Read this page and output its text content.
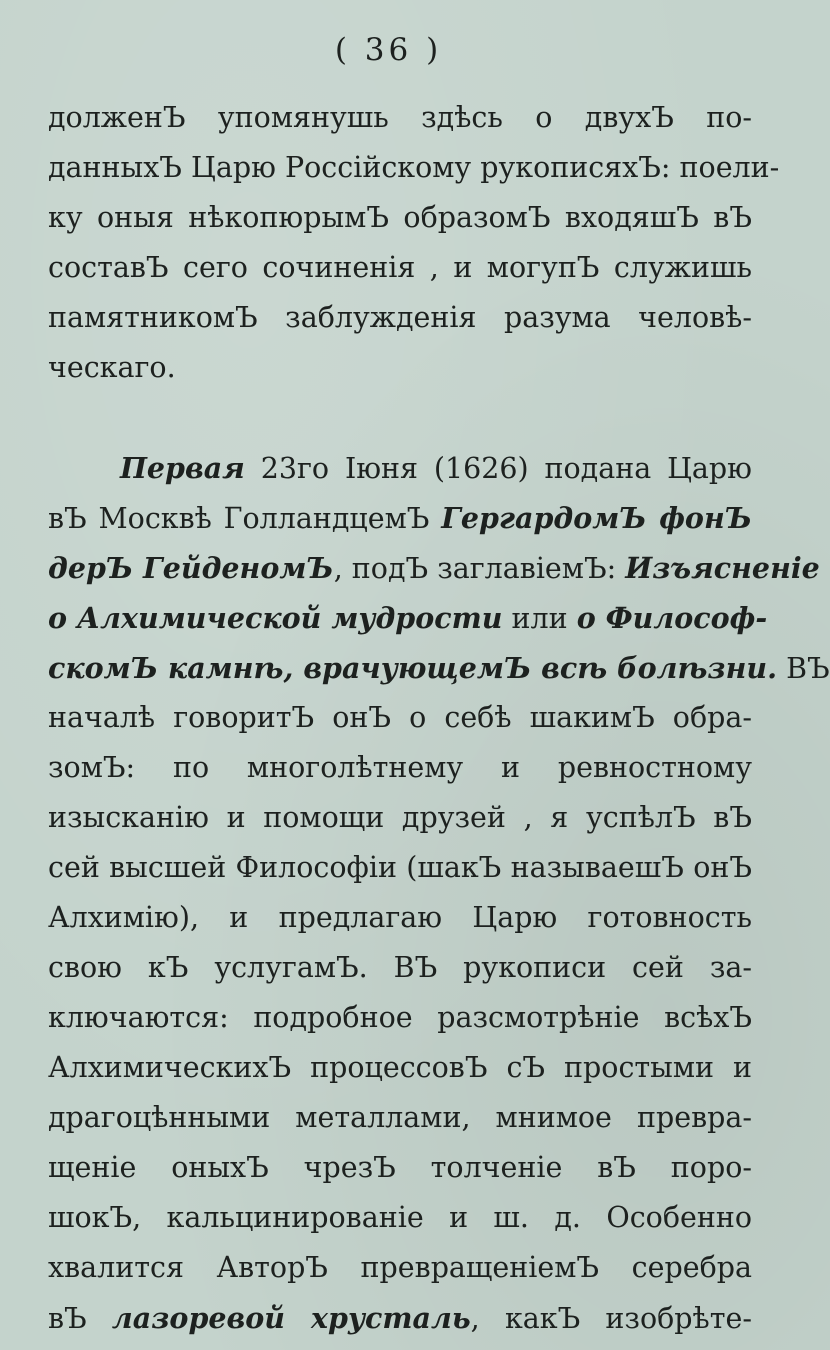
( 36 )
долженЪ упомянушь здѣсь о двухЪ по-
данныхЪ Царю Россійскому рукописяхЪ: поели-
ку оныя нѣкопюрымЪ образомЪ входяшЪ вЪ
составЪ сего сочиненія , и могупЪ служишь
памятникомЪ заблужденія разума человѣ-
ческаго.
Первая 23го Іюня (1626) подана Царю
вЪ Москвѣ ГолландцемЪ ГергардомЪ фонЪ
дерЪ ГейденомЪ, подЪ заглавіемЪ: Изъясненіе
о Алхимической мудрости или о Философ-
скомЪ камнѣ, врачующемЪ всѣ болѣзни. ВЪ
началѣ говоритЪ онЪ о себѣ шакимЪ обра-
зомЪ: по многолѣтнему и ревностному
изысканію и помощи друзей , я успѣлЪ вЪ
сей высшей Философіи (шакЪ называешЪ онЪ
Алхимію), и предлагаю Царю готовность
свою кЪ услугамЪ. ВЪ рукописи сей за-
ключаются: подробное разсмотрѣніе всѣхЪ
АлхимическихЪ процессовЪ сЪ простыми и
драгоцѣнными металлами, мнимое превра-
щеніе оныхЪ чрезЪ толченіе вЪ поро-
шокЪ, кальцинированіе и ш. д. Особенно
хвалится АвторЪ превращеніемЪ серебра
вЪ лазоревой хрусталь, какЪ изобрѣте-
